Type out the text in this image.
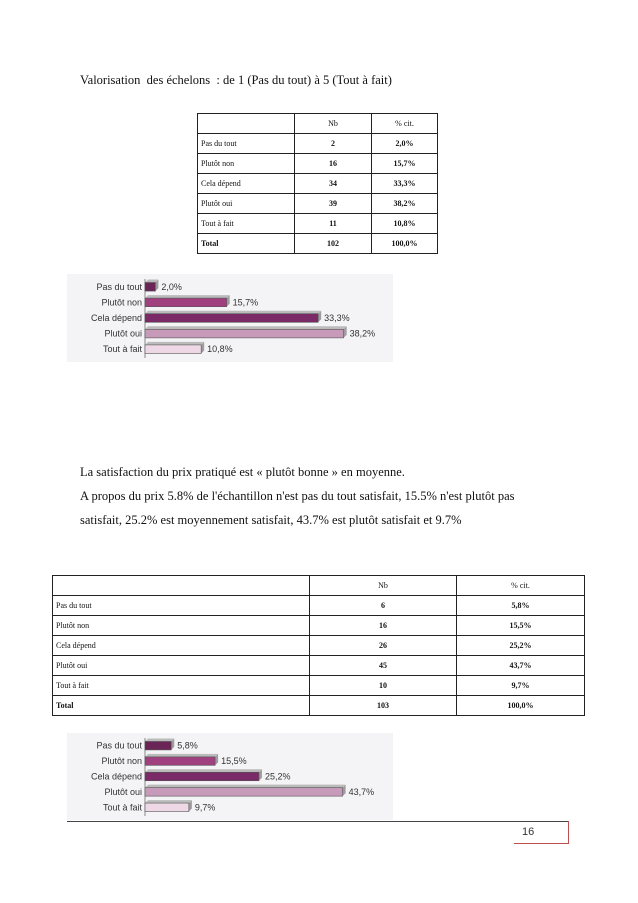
Valorisation  des échelons  : de 1 (Pas du tout) à 5 (Tout à fait)
	Nb	% cit.
Pas du tout	2	2,0%
Plutôt non	16	15,7%
Cela dépend	34	33,3%
Plutôt oui	39	38,2%
Tout à fait	11	10,8%
Total	102	100,0%
Pas du tout 2,0%
Plutôt non	15,7%
Cela dépend	33,3%
Plutôt oui	38,2%
Tout à fait	10,8%
La satisfaction du prix pratiqué est « plutôt bonne » en moyenne.
A propos du prix 5.8% de l'échantillon n'est pas du tout satisfait, 15.5% n'est plutôt pas
satisfait, 25.2% est moyennement satisfait, 43.7% est plutôt satisfait et 9.7%
	Nb	% cit.
Pas du tout	6	5,8%
Plutôt non	16	15,5%
Cela dépend	26	25,2%
Plutôt oui	45	43,7%
Tout à fait	10	9,7%
Total	103	100,0%
Pas du tout	5,8%
Plutôt non	15,5%
Cela dépend	25,2%
Plutôt oui	43,7%
Tout à fait	9,7%
16
